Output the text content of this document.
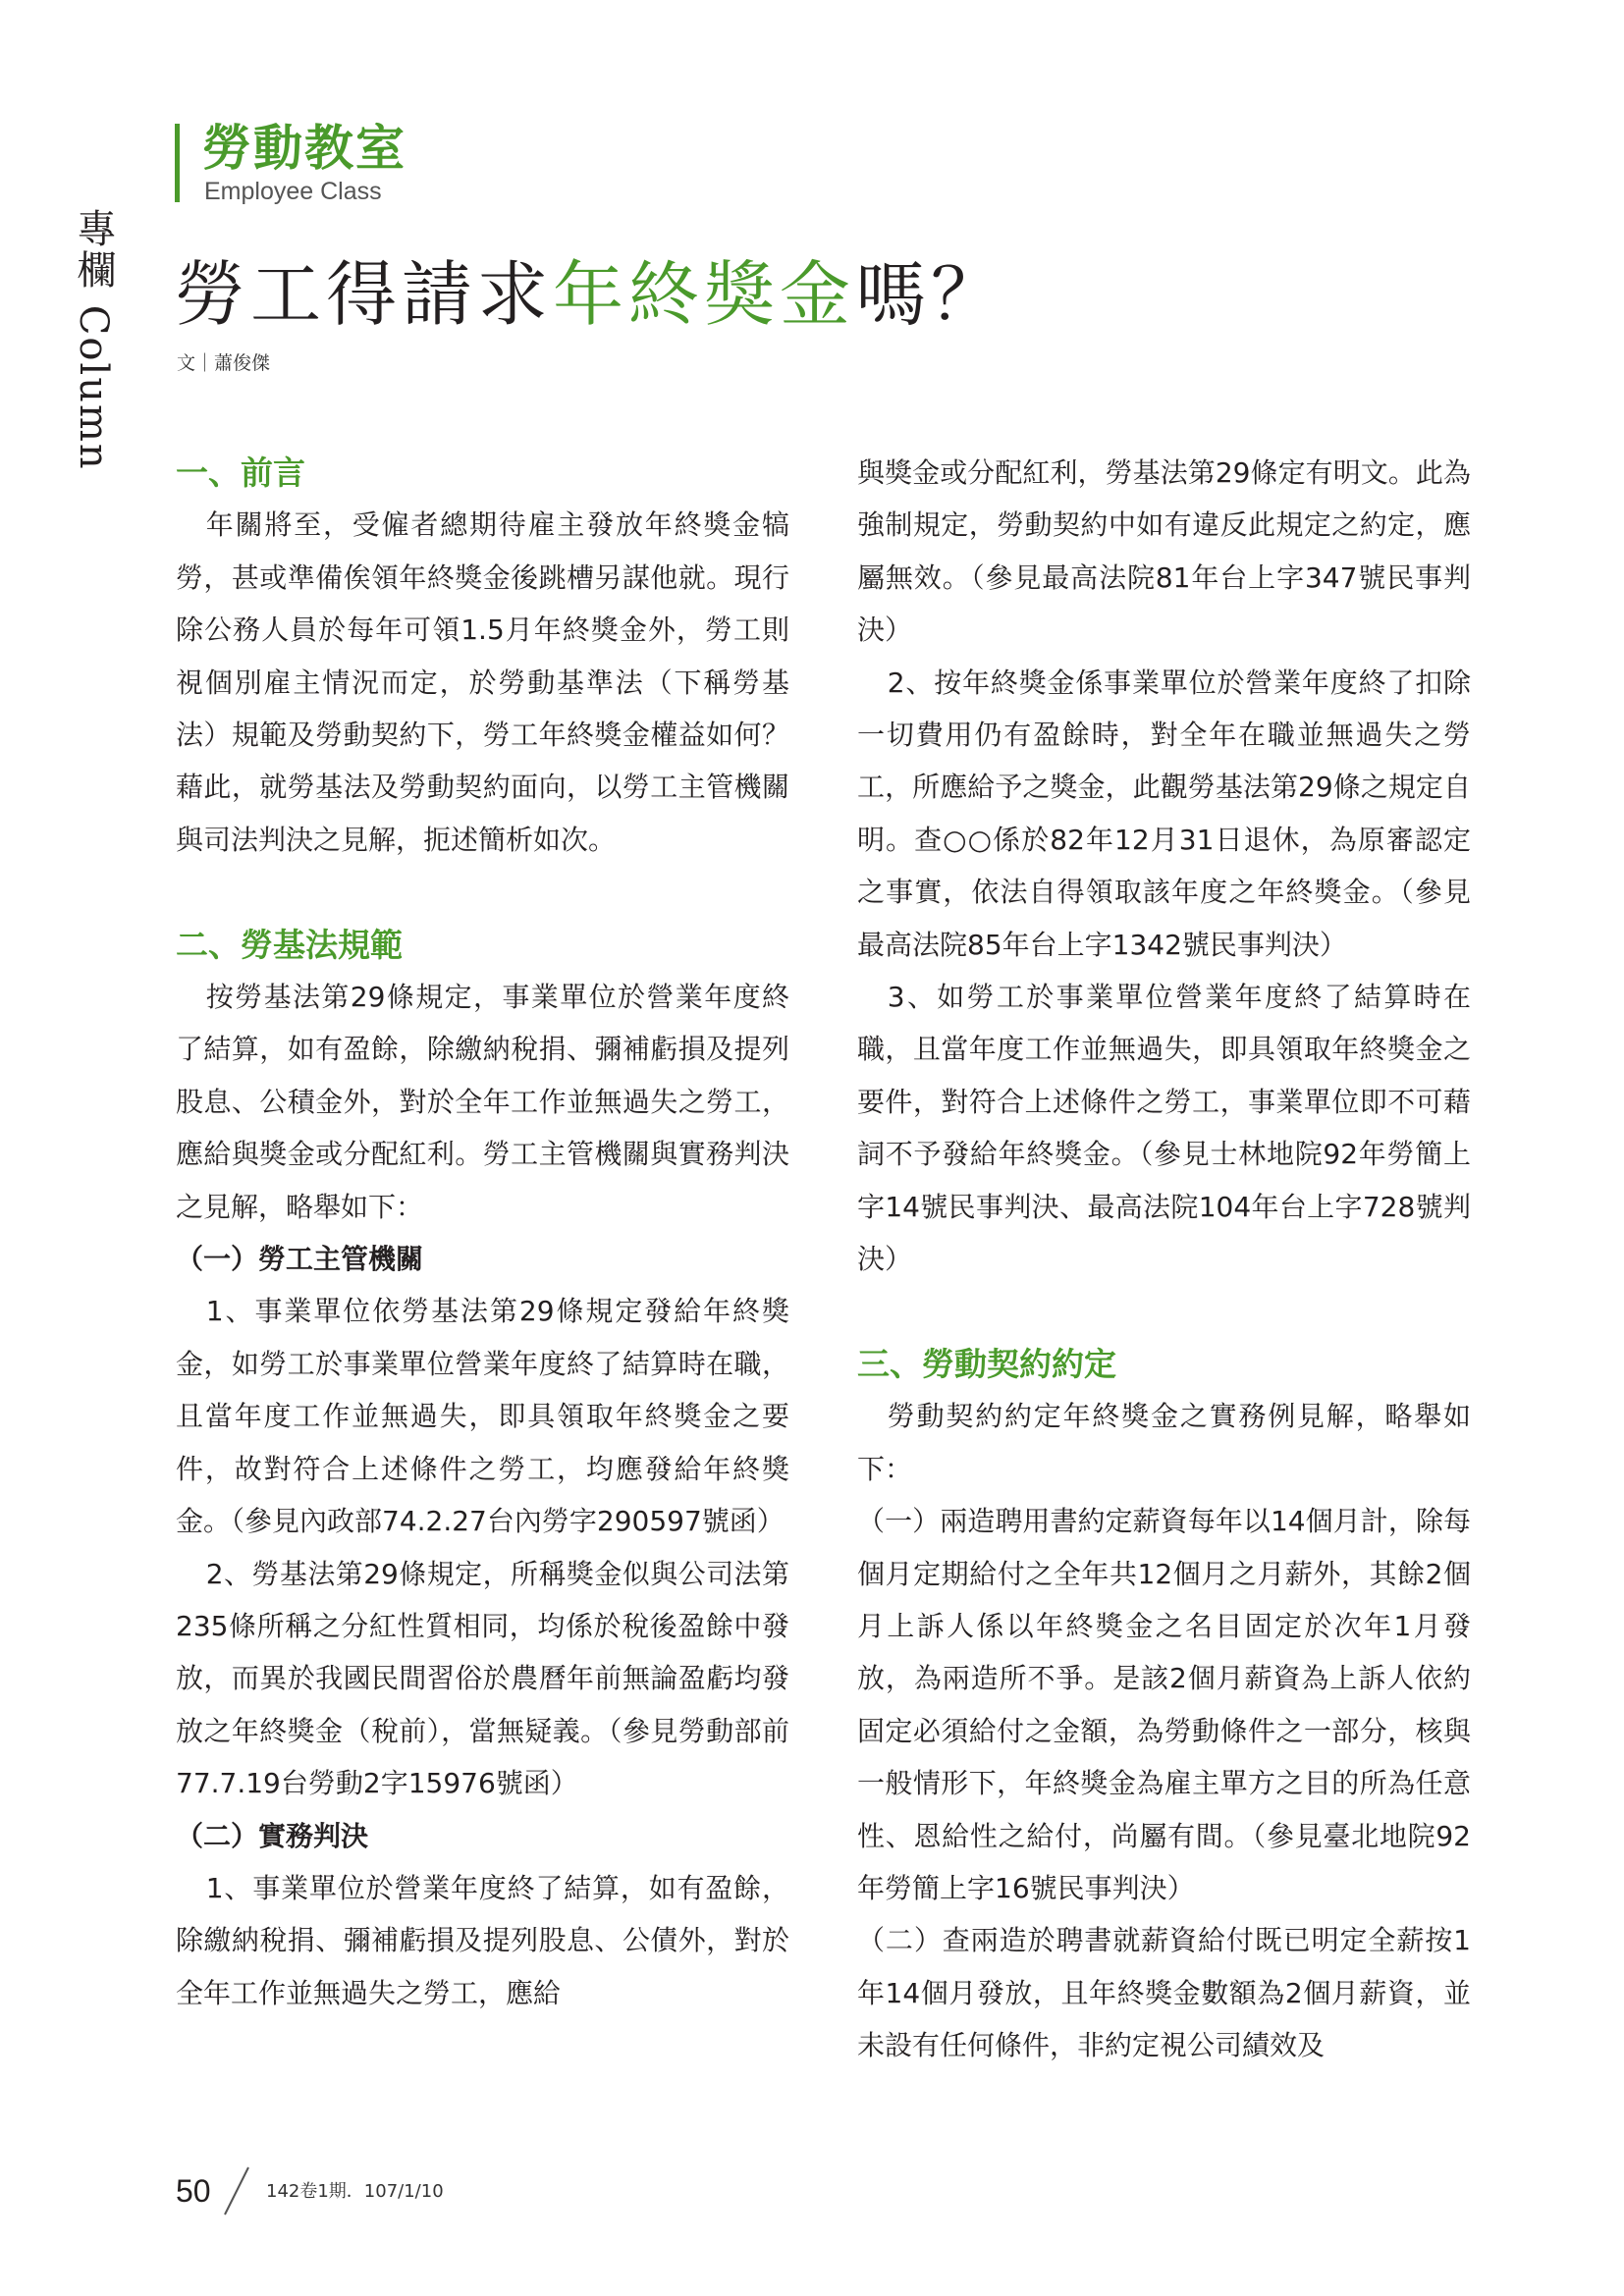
專欄 Column
勞動教室
Employee Class
勞工得請求年終獎金嗎？
文｜蕭俊傑
一、前言

年關將至，受僱者總期待雇主發放年終獎金犒勞，甚或準備俟領年終獎金後跳槽另謀他就。現行除公務人員於每年可領1.5月年終獎金外，勞工則視個別雇主情況而定，於勞動基準法（下稱勞基法）規範及勞動契約下，勞工年終獎金權益如何？藉此，就勞基法及勞動契約面向，以勞工主管機關與司法判決之見解，扼述簡析如次。

二、勞基法規範

按勞基法第29條規定，事業單位於營業年度終了結算，如有盈餘，除繳納稅捐、彌補虧損及提列股息、公積金外，對於全年工作並無過失之勞工，應給與獎金或分配紅利。勞工主管機關與實務判決之見解，略舉如下：

（一）勞工主管機關

1、事業單位依勞基法第29條規定發給年終獎金，如勞工於事業單位營業年度終了結算時在職，且當年度工作並無過失，即具領取年終獎金之要件，故對符合上述條件之勞工，均應發給年終獎金。（參見內政部74.2.27台內勞字290597號函）

2、勞基法第29條規定，所稱獎金似與公司法第235條所稱之分紅性質相同，均係於稅後盈餘中發放，而異於我國民間習俗於農曆年前無論盈虧均發放之年終獎金（稅前），當無疑義。（參見勞動部前77.7.19台勞動2字15976號函）

（二）實務判決

1、事業單位於營業年度終了結算，如有盈餘，除繳納稅捐、彌補虧損及提列股息、公債外，對於全年工作並無過失之勞工，應給

與獎金或分配紅利，勞基法第29條定有明文。此為強制規定，勞動契約中如有違反此規定之約定，應屬無效。（參見最高法院81年台上字347號民事判決）

2、按年終獎金係事業單位於營業年度終了扣除一切費用仍有盈餘時，對全年在職並無過失之勞工，所應給予之獎金，此觀勞基法第29條之規定自明。查○○係於82年12月31日退休，為原審認定之事實，依法自得領取該年度之年終獎金。（參見最高法院85年台上字1342號民事判決）

3、如勞工於事業單位營業年度終了結算時在職，且當年度工作並無過失，即具領取年終獎金之要件，對符合上述條件之勞工，事業單位即不可藉詞不予發給年終獎金。（參見士林地院92年勞簡上字14號民事判決、最高法院104年台上字728號判決）

三、勞動契約約定

勞動契約約定年終獎金之實務例見解，略舉如下：

（一）兩造聘用書約定薪資每年以14個月計，除每個月定期給付之全年共12個月之月薪外，其餘2個月上訴人係以年終獎金之名目固定於次年1月發放，為兩造所不爭。是該2個月薪資為上訴人依約固定必須給付之金額，為勞動條件之一部分，核與一般情形下，年終獎金為雇主單方之目的所為任意性、恩給性之給付，尚屬有間。（參見臺北地院92年勞簡上字16號民事判決）

（二）查兩造於聘書就薪資給付既已明定全薪按1年14個月發放，且年終獎金數額為2個月薪資，並未設有任何條件，非約定視公司績效及

50	142卷1期．107/1/10
